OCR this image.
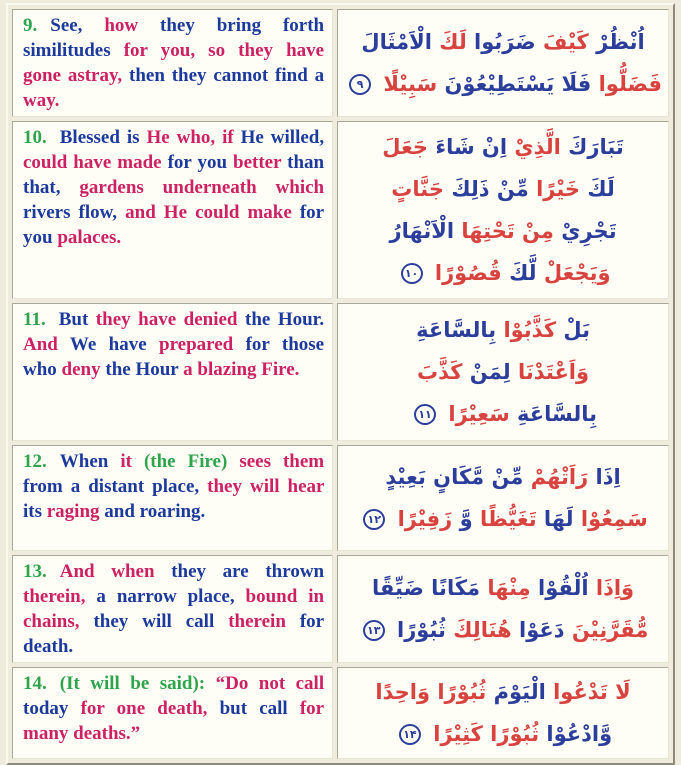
9. See, how they bring forth similitudes for you, so they have gone astray, then they cannot find a way.	اُنْظُرْ كَيْفَ ضَرَبُوا لَكَ الْاَمْثَالَ
فَضَلُّوا فَلَا يَسْتَطِيْعُوْنَ سَبِيْلًا ۹

10. Blessed is He who, if He willed, could have made for you better than that, gardens underneath which rivers flow, and He could make for you palaces.	تَبَارَكَ الَّذِيْ اِنْ شَاءَ جَعَلَ
لَكَ خَيْرًا مِّنْ ذَلِكَ جَنَّاتٍ
تَجْرِيْ مِنْ تَحْتِهَا الْاَنْهَارُ
وَيَجْعَلْ لَّكَ قُصُوْرًا ۱۰

11. But they have denied the Hour. And We have prepared for those who deny the Hour a blazing Fire.	بَلْ كَذَّبُوْا بِالسَّاعَةِ
وَاَعْتَدْنَا لِمَنْ كَذَّبَ
بِالسَّاعَةِ سَعِيْرًا ۱۱

12. When it (the Fire) sees them from a distant place, they will hear its raging and roaring.	اِذَا رَاَتْهُمْ مِّنْ مَّكَانٍ بَعِيْدٍ
سَمِعُوْا لَهَا تَغَيُّظًا وَّ زَفِيْرًا ۱۲

13. And when they are thrown therein, a narrow place, bound in chains, they will call therein for death.	وَاِذَا اُلْقُوْا مِنْهَا مَكَانًا ضَيِّقًا
مُّقَرَّنِيْنَ دَعَوْا هُنَالِكَ ثُبُوْرًا ۱۳

14. (It will be said): “Do not call today for one death, but call for many deaths.”	لَا تَدْعُوا الْيَوْمَ ثُبُوْرًا وَاحِدًا
وَّادْعُوْا ثُبُوْرًا كَثِيْرًا ۱۴
